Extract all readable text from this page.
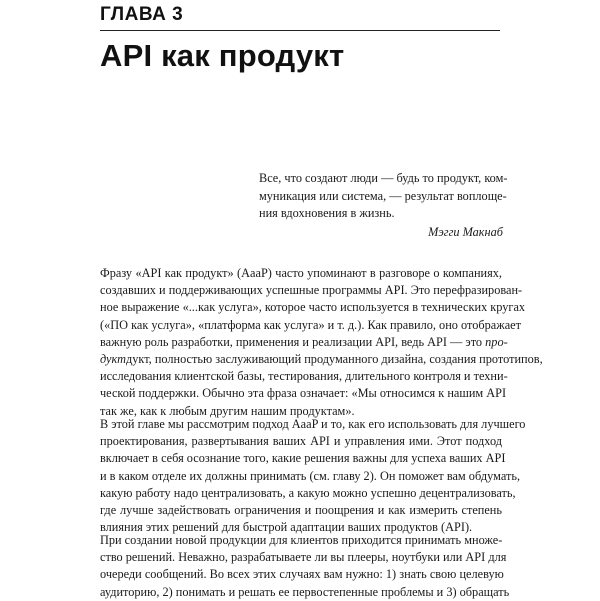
ГЛАВА 3
API как продукт
Все, что создают люди — будь то продукт, ком-
муникация или система, — результат воплоще-
ния вдохновения в жизнь.
Мэгги Макнаб
Фразу «API как продукт» (AaaP) часто упоминают в разговоре о компаниях,
создавших и поддерживающих успешные программы API. Это перефразирован-
ное выражение «...как услуга», которое часто используется в технических кругах
(«ПО как услуга», «платформа как услуга» и т. д.). Как правило, оно отображает
важную роль разработки, применения и реализации API, ведь API — это про-
дуктдукт, полностью заслуживающий продуманного дизайна, создания прототипов,
исследования клиентской базы, тестирования, длительного контроля и техни-
ческой поддержки. Обычно эта фраза означает: «Мы относимся к нашим API
так же, как к любым другим нашим продуктам».
В этой главе мы рассмотрим подход AaaP и то, как его использовать для лучшего
проектирования, развертывания ваших API и управления ими. Этот подход
включает в себя осознание того, какие решения важны для успеха ваших API
и в каком отделе их должны принимать (см. главу 2). Он поможет вам обдумать,
какую работу надо централизовать, а какую можно успешно децентрализовать,
где лучше задействовать ограничения и поощрения и как измерить степень
влияния этих решений для быстрой адаптации ваших продуктов (API).
При создании новой продукции для клиентов приходится принимать множе-
ство решений. Неважно, разрабатываете ли вы плееры, ноутбуки или API для
очереди сообщений. Во всех этих случаях вам нужно: 1) знать свою целевую
аудиторию, 2) понимать и решать ее первостепенные проблемы и 3) обращать
